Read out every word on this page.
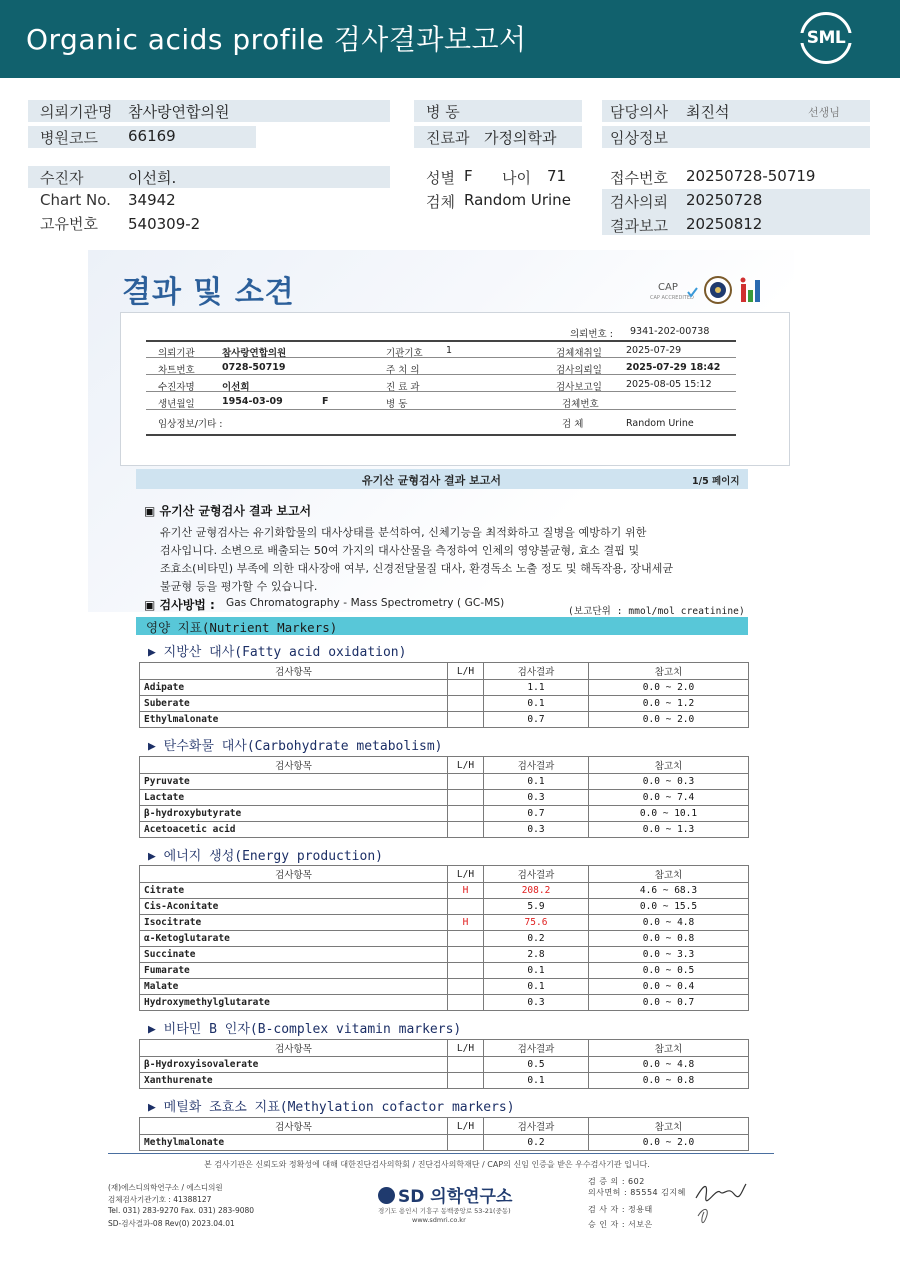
Organic acids profile 검사결과보고서	SML
의뢰기관명 참사랑연합의원
병원코드 66169
수진자	이선희.
Chart No. 34942
고유번호 540309-2
병 동
진료과 가정의학과
성별 F 나이 71
검체 Random Urine
담당의사 최진석	선생님
임상정보
접수번호 20250728-50719
검사의뢰 20250728
결과보고 20250812
결과 및 소견	CAP
CAP ACCREDITED
의뢰번호 : 9341-202-00738
의뢰기관	참사랑연합의원	기관기호 1	검체채취일	2025-07-29
차트번호	0728-50719	주 치 의	검사의뢰일	2025-07-29 18:42
수진자명	이선희	진 료 과	검사보고일	2025-08-05 15:12
생년월일	1954-03-09	F	병 동	검체번호
임상정보/기타 :	검 체	Random Urine
유기산 균형검사 결과 보고서	1/5 페이지
▣ 유기산 균형검사 결과 보고서
유기산 균형검사는 유기화합물의 대사상태를 분석하여, 신체기능을 최적화하고 질병을 예방하기 위한
검사입니다. 소변으로 배출되는 50여 가지의 대사산물을 측정하여 인체의 영양불균형, 효소 결핍 및
조효소(비타민) 부족에 의한 대사장애 여부, 신경전달물질 대사, 환경독소 노출 정도 및 해독작용, 장내세균
불균형 등을 평가할 수 있습니다.
▣ 검사방법 : Gas Chromatography - Mass Spectrometry ( GC-MS)
(보고단위 : mmol/mol creatinine)
영양 지표(Nutrient Markers)
▶ 지방산 대사(Fatty acid oxidation)
검사항목	L/H	검사결과	참고치
Adipate		1.1	0.0 ~ 2.0
Suberate		0.1	0.0 ~ 1.2
Ethylmalonate		0.7	0.0 ~ 2.0
▶ 탄수화물 대사(Carbohydrate metabolism)
검사항목	L/H	검사결과	참고치
Pyruvate		0.1	0.0 ~ 0.3
Lactate		0.3	0.0 ~ 7.4
β-hydroxybutyrate		0.7	0.0 ~ 10.1
Acetoacetic acid		0.3	0.0 ~ 1.3
▶ 에너지 생성(Energy production)
검사항목	L/H	검사결과	참고치
Citrate	H	208.2	4.6 ~ 68.3
Cis-Aconitate		5.9	0.0 ~ 15.5
Isocitrate	H	75.6	0.0 ~ 4.8
α-Ketoglutarate		0.2	0.0 ~ 0.8
Succinate		2.8	0.0 ~ 3.3
Fumarate		0.1	0.0 ~ 0.5
Malate		0.1	0.0 ~ 0.4
Hydroxymethylglutarate		0.3	0.0 ~ 0.7
▶ 비타민 B 인자(B-complex vitamin markers)
검사항목	L/H	검사결과	참고치
β-Hydroxyisovalerate		0.5	0.0 ~ 4.8
Xanthurenate		0.1	0.0 ~ 0.8
▶ 메틸화 조효소 지표(Methylation cofactor markers)
검사항목	L/H	검사결과	참고치
Methylmalonate		0.2	0.0 ~ 2.0
본 검사기관은 신뢰도와 정확성에 대해 대한진단검사의학회 / 진단검사의학재단 / CAP의 신임 인증을 받은 우수검사기관 입니다.
(재)에스디의학연구소 / 에스디의원
검체검사기관기호 : 41388127
Tel. 031) 283-9270 Fax. 031) 283-9080
SD-검사결과-08 Rev(0) 2023.04.01
SD 의학연구소
경기도 용인시 기흥구 동백중앙로 53-21(중동)
www.sdmri.co.kr
검 증 의 : 602
의사면허 : 85554 김지혜
검 사 자 : 정용태
승 인 자 : 서보은
